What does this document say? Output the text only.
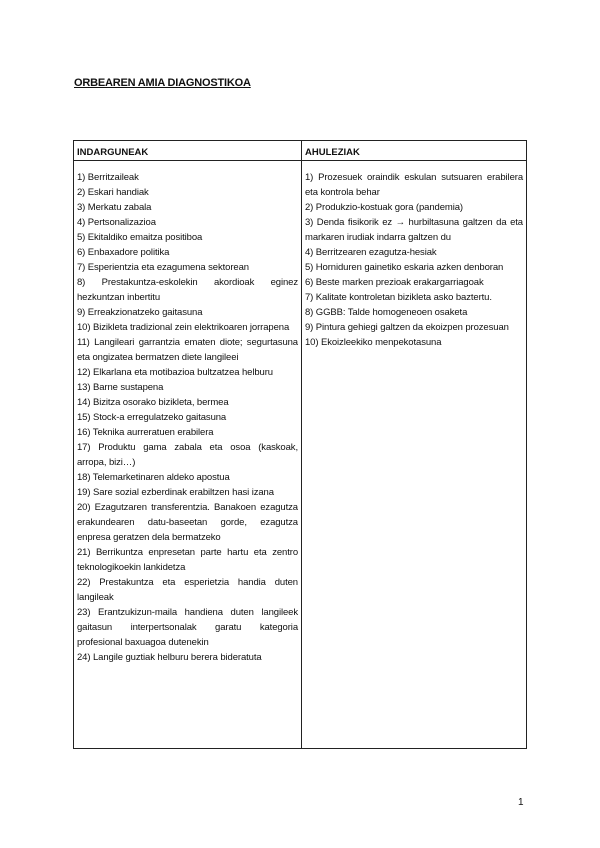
ORBEAREN AMIA DIAGNOSTIKOA
INDARGUNEAK

1) Berritzaileak

2) Eskari handiak

3) Merkatu zabala

4) Pertsonalizazioa

5) Ekitaldiko emaitza positiboa

6) Enbaxadore politika

7) Esperientzia eta ezagumena sektorean

8) Prestakuntza-eskolekin akordioak eginez hezkuntzan inbertitu

9) Erreakzionatzeko gaitasuna

10) Bizikleta tradizional zein elektrikoaren jorrapena

11) Langileari garrantzia ematen diote; segurtasuna eta ongizatea bermatzen diete langileei

12) Elkarlana eta motibazioa bultzatzea helburu

13) Barne sustapena

14) Bizitza osorako bizikleta, bermea

15) Stock-a erregulatzeko gaitasuna

16) Teknika aurreratuen erabilera

17) Produktu gama zabala eta osoa (kaskoak, arropa, bizi…)

18) Telemarketinaren aldeko apostua

19) Sare sozial ezberdinak erabiltzen hasi izana

20) Ezagutzaren transferentzia. Banakoen ezagutza erakundearen datu-baseetan gorde, ezagutza enpresa geratzen dela bermatzeko

21) Berrikuntza enpresetan parte hartu eta zentro teknologikoekin lankidetza

22) Prestakuntza eta esperietzia handia duten langileak

23) Erantzukizun-maila handiena duten langileek gaitasun interpertsonalak garatu kategoria profesional baxuagoa dutenekin

24) Langile guztiak helburu berera bideratuta

AHULEZIAK

1) Prozesuek oraindik eskulan sutsuaren erabilera eta kontrola behar

2) Produkzio-kostuak gora (pandemia)

3) Denda fisikorik ez → hurbiltasuna galtzen da eta markaren irudiak indarra galtzen du

4) Berritzearen ezagutza-hesiak

5) Horniduren gainetiko eskaria azken denboran

6) Beste marken prezioak erakargarriagoak

7) Kalitate kontroletan bizikleta asko baztertu.

8) GGBB: Talde homogeneoen osaketa

9) Pintura gehiegi galtzen da ekoizpen prozesuan

10) Ekoizleekiko menpekotasuna

1
